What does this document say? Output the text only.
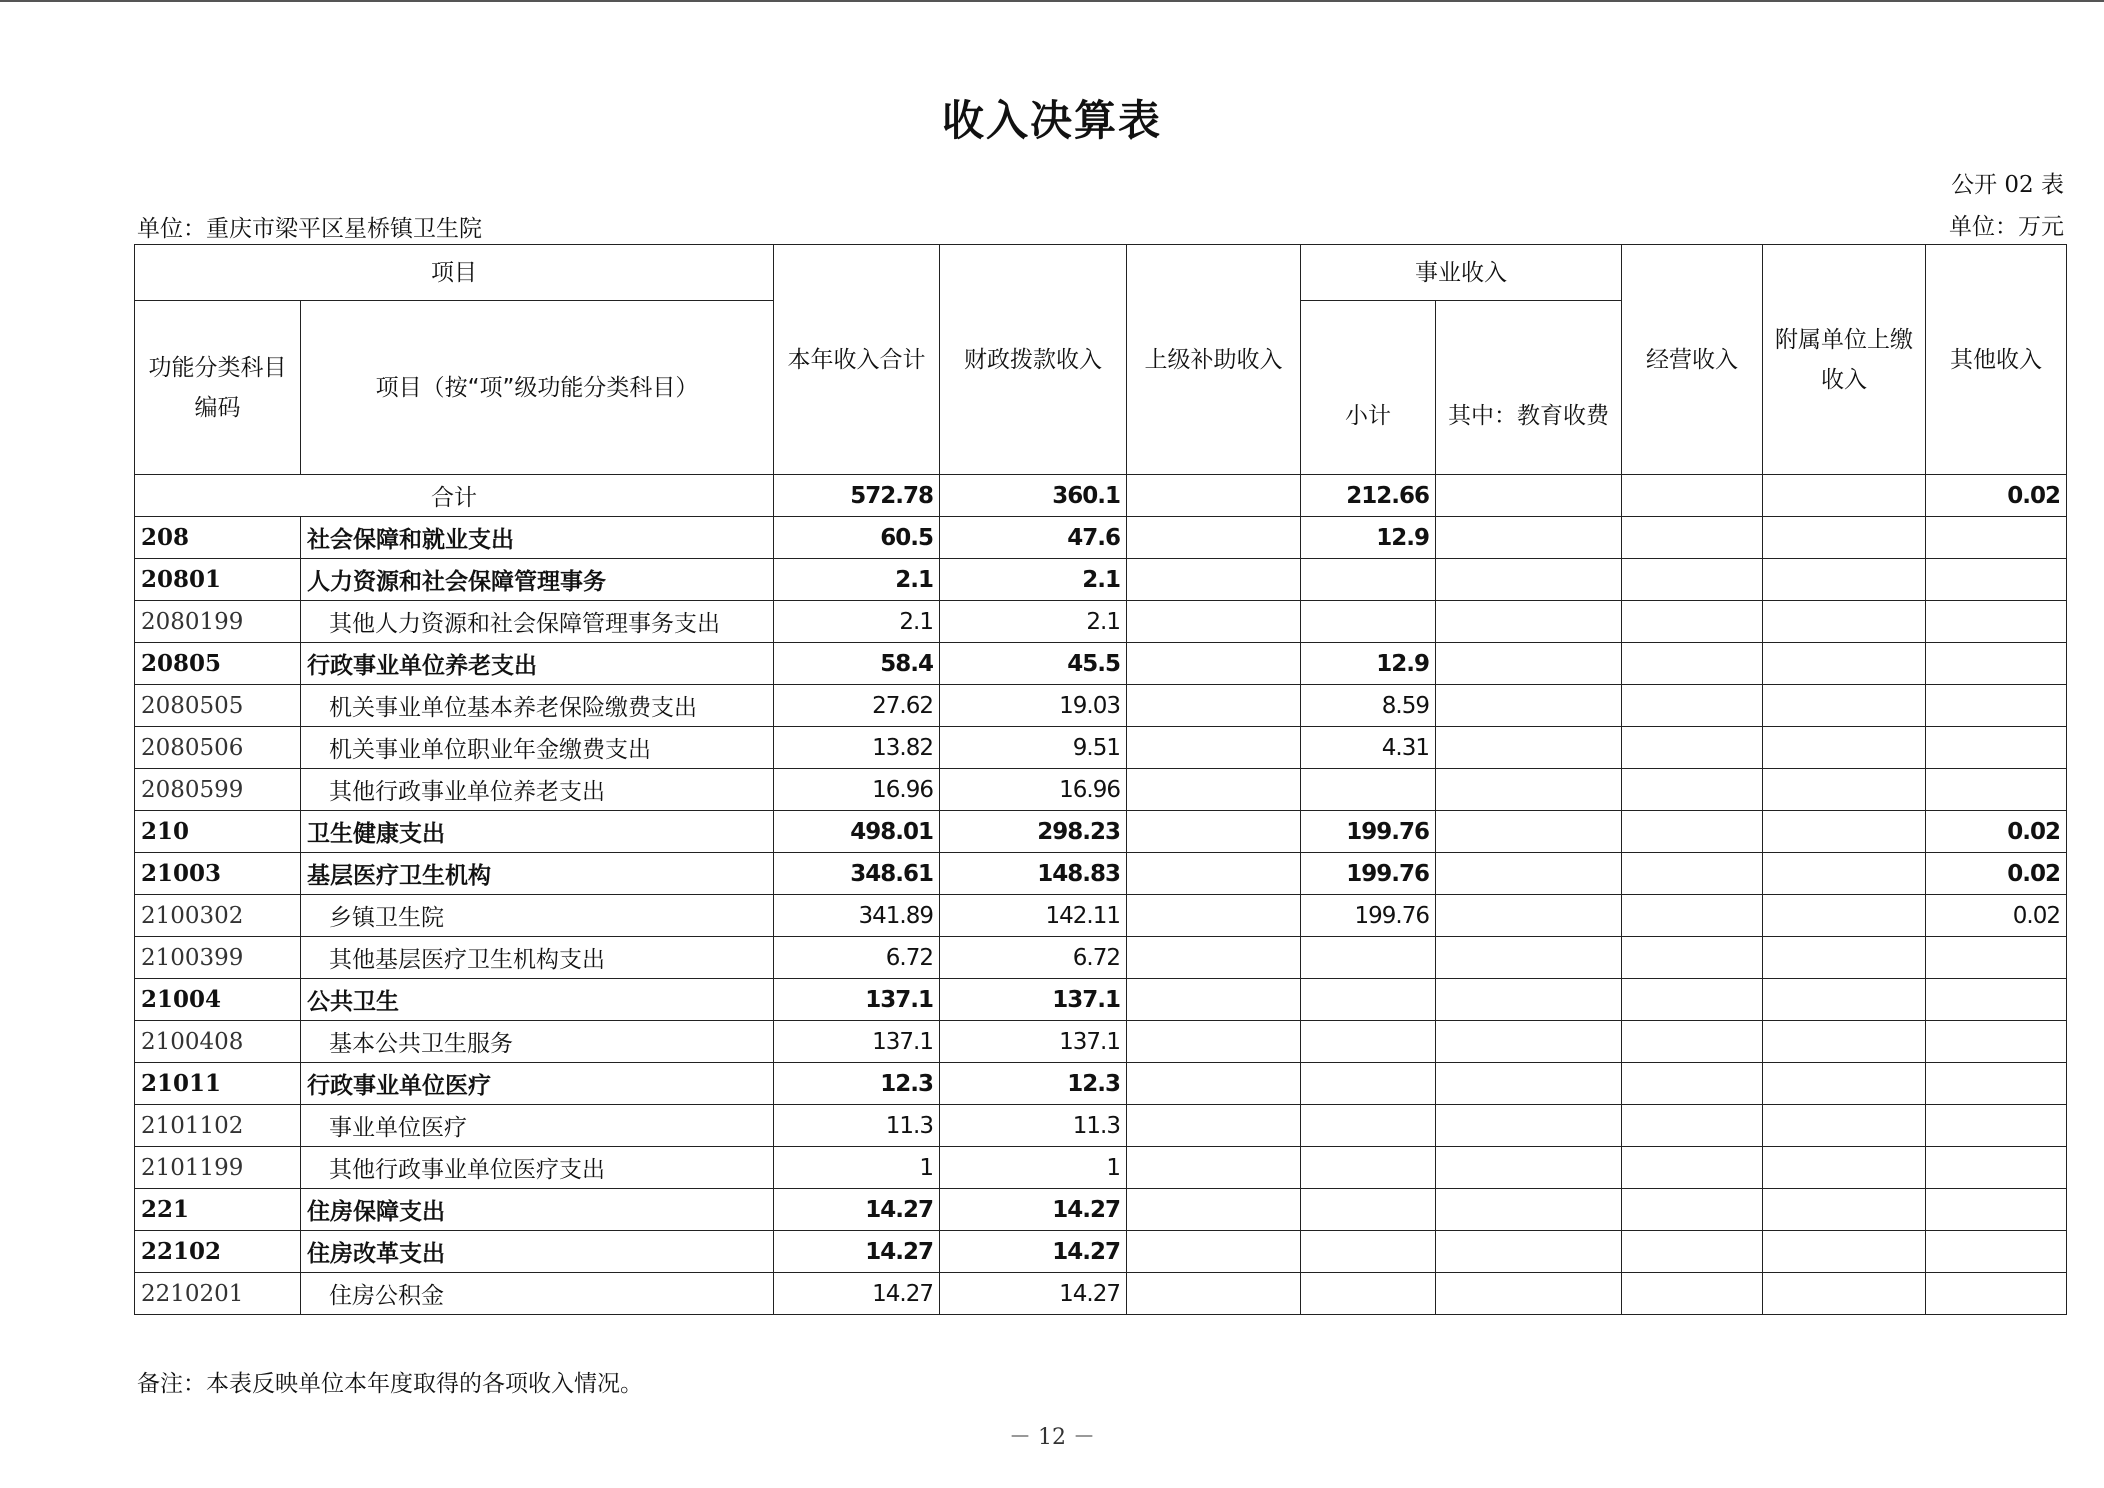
收入决算表
公开 02 表
单位：重庆市梁平区星桥镇卫生院	单位：万元
项目		本年收入合计	财政拨款收入	上级补助收入	事业收入		经营收入	附属单位上缴收入	其他收入
功能分类科目编码	项目（按“项”级功能分类科目）				小计	其中：教育收费			
合计		572.78	360.1		212.66				0.02
208	社会保障和就业支出	60.5	47.6		12.9				
20801	人力资源和社会保障管理事务	2.1	2.1						
2080199	其他人力资源和社会保障管理事务支出	2.1	2.1						
20805	行政事业单位养老支出	58.4	45.5		12.9				
2080505	机关事业单位基本养老保险缴费支出	27.62	19.03		8.59				
2080506	机关事业单位职业年金缴费支出	13.82	9.51		4.31				
2080599	其他行政事业单位养老支出	16.96	16.96						
210	卫生健康支出	498.01	298.23		199.76				0.02
21003	基层医疗卫生机构	348.61	148.83		199.76				0.02
2100302	乡镇卫生院	341.89	142.11		199.76				0.02
2100399	其他基层医疗卫生机构支出	6.72	6.72						
21004	公共卫生	137.1	137.1						
2100408	基本公共卫生服务	137.1	137.1						
21011	行政事业单位医疗	12.3	12.3						
2101102	事业单位医疗	11.3	11.3						
2101199	其他行政事业单位医疗支出	1	1						
221	住房保障支出	14.27	14.27						
22102	住房改革支出	14.27	14.27						
2210201	住房公积金	14.27	14.27						
备注：本表反映单位本年度取得的各项收入情况。
－ 12 －
